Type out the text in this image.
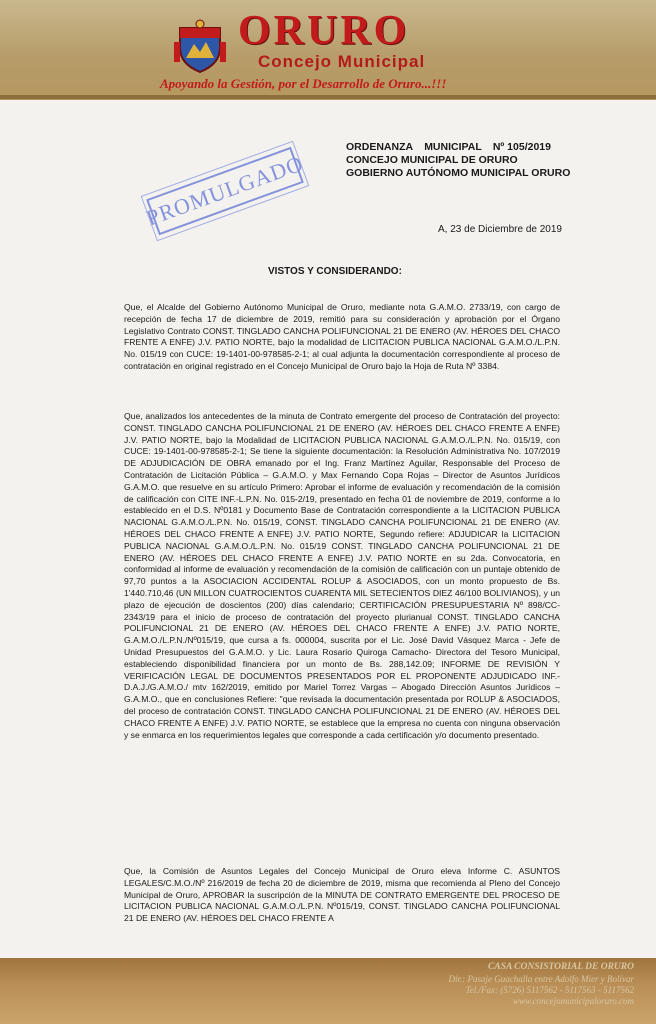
ORURO
Concejo Municipal
Apoyando la Gestión, por el Desarrollo de Oruro...!!!
ORDENANZA MUNICIPAL Nº 105/2019
CONCEJO MUNICIPAL DE ORURO
GOBIERNO AUTÓNOMO MUNICIPAL ORURO
PROMULGADO	A, 23 de Diciembre de 2019
VISTOS Y CONSIDERANDO:
Que, el Alcalde del Gobierno Autónomo Municipal de Oruro, mediante nota G.A.M.O. 2733/19, con cargo de recepción de fecha 17 de diciembre de 2019, remitió para su consideración y aprobación por el Órgano Legislativo Contrato CONST. TINGLADO CANCHA POLIFUNCIONAL 21 DE ENERO (AV. HÉROES DEL CHACO FRENTE A ENFE) J.V. PATIO NORTE, bajo la modalidad de LICITACION PUBLICA NACIONAL G.A.M.O./L.P.N. No. 015/19 con CUCE: 19-1401-00-978585-2-1; al cual adjunta la documentación correspondiente al proceso de contratación en original registrado en el Concejo Municipal de Oruro bajo la Hoja de Ruta Nº 3384.
Que, analizados los antecedentes de la minuta de Contrato emergente del proceso de Contratación del proyecto: CONST. TINGLADO CANCHA POLIFUNCIONAL 21 DE ENERO (AV. HÉROES DEL CHACO FRENTE A ENFE) J.V. PATIO NORTE, bajo la Modalidad de LICITACION PUBLICA NACIONAL G.A.M.O./L.P.N. No. 015/19, con CUCE: 19-1401-00-978585-2-1; Se tiene la siguiente documentación: la Resolución Administrativa No. 107/2019 DE ADJUDICACIÓN DE OBRA emanado por el Ing. Franz Martínez Aguilar, Responsable del Proceso de Contratación de Licitación Pública – G.A.M.O. y Max Fernando Copa Rojas – Director de Asuntos Jurídicos G.A.M.O. que resuelve en su artículo Primero: Aprobar el informe de evaluación y recomendación de la comisión de calificación con CITE INF.-L.P.N. No. 015-2/19, presentado en fecha 01 de noviembre de 2019, conforme a lo establecido en el D.S. Nº0181 y Documento Base de Contratación correspondiente a la LICITACION PUBLICA NACIONAL G.A.M.O./L.P.N. No. 015/19, CONST. TINGLADO CANCHA POLIFUNCIONAL 21 DE ENERO (AV. HÉROES DEL CHACO FRENTE A ENFE) J.V. PATIO NORTE, Segundo refiere: ADJUDICAR la LICITACION PUBLICA NACIONAL G.A.M.O./L.P.N. No. 015/19 CONST. TINGLADO CANCHA POLIFUNCIONAL 21 DE ENERO (AV. HÉROES DEL CHACO FRENTE A ENFE) J.V. PATIO NORTE en su 2da. Convocatoria, en conformidad al informe de evaluación y recomendación de la comisión de calificación con un puntaje obtenido de 97,70 puntos a la ASOCIACION ACCIDENTAL ROLUP & ASOCIADOS, con un monto propuesto de Bs. 1'440.710,46 (UN MILLON CUATROCIENTOS CUARENTA MIL SETECIENTOS DIEZ 46/100 BOLIVIANOS), y un plazo de ejecución de doscientos (200) días calendario; CERTIFICACIÓN PRESUPUESTARIA Nº 898/CC-2343/19 para el inicio de proceso de contratación del proyecto plurianual CONST. TINGLADO CANCHA POLIFUNCIONAL 21 DE ENERO (AV. HÉROES DEL CHACO FRENTE A ENFE) J.V. PATIO NORTE, G.A.M.O./L.P.N./Nº015/19, que cursa a fs. 000004, suscrita por el Lic. José David Vásquez Marca - Jefe de Unidad Presupuestos del G.A.M.O. y Lic. Laura Rosario Quiroga Camacho- Directora del Tesoro Municipal, estableciendo disponibilidad financiera por un monto de Bs. 288,142.09; INFORME DE REVISIÓN Y VERIFICACIÓN LEGAL DE DOCUMENTOS PRESENTADOS POR EL PROPONENTE ADJUDICADO INF.- D.A.J./G.A.M.O./ mtv 162/2019, emitido por Mariel Torrez Vargas – Abogado Dirección Asuntos Jurídicos – G.A.M.O., que en conclusiones Refiere: "que revisada la documentación presentada por ROLUP & ASOCIADOS, del proceso de contratación CONST. TINGLADO CANCHA POLIFUNCIONAL 21 DE ENERO (AV. HÉROES DEL CHACO FRENTE A ENFE) J.V. PATIO NORTE, se establece que la empresa no cuenta con ninguna observación y se enmarca en los requerimientos legales que corresponde a cada certificación y/o documento presentado.
Que, la Comisión de Asuntos Legales del Concejo Municipal de Oruro eleva Informe C. ASUNTOS LEGALES/C.M.O./Nº 216/2019 de fecha 20 de diciembre de 2019, misma que recomienda al Pleno del Concejo Municipal de Oruro, APROBAR la suscripción de la MINUTA DE CONTRATO EMERGENTE DEL PROCESO DE LICITACION PUBLICA NACIONAL G.A.M.O./L.P.N. Nº015/19, CONST. TINGLADO CANCHA POLIFUNCIONAL 21 DE ENERO (AV. HÉROES DEL CHACO FRENTE A
CASA CONSISTORIAL DE ORURO
Dir.: Pasaje Guachalla entre Adolfo Mier y Bolívar
Tel./Fax: (5726) 5117562 - 5117563 - 5117562
www.concejomunicipaloruro.com
